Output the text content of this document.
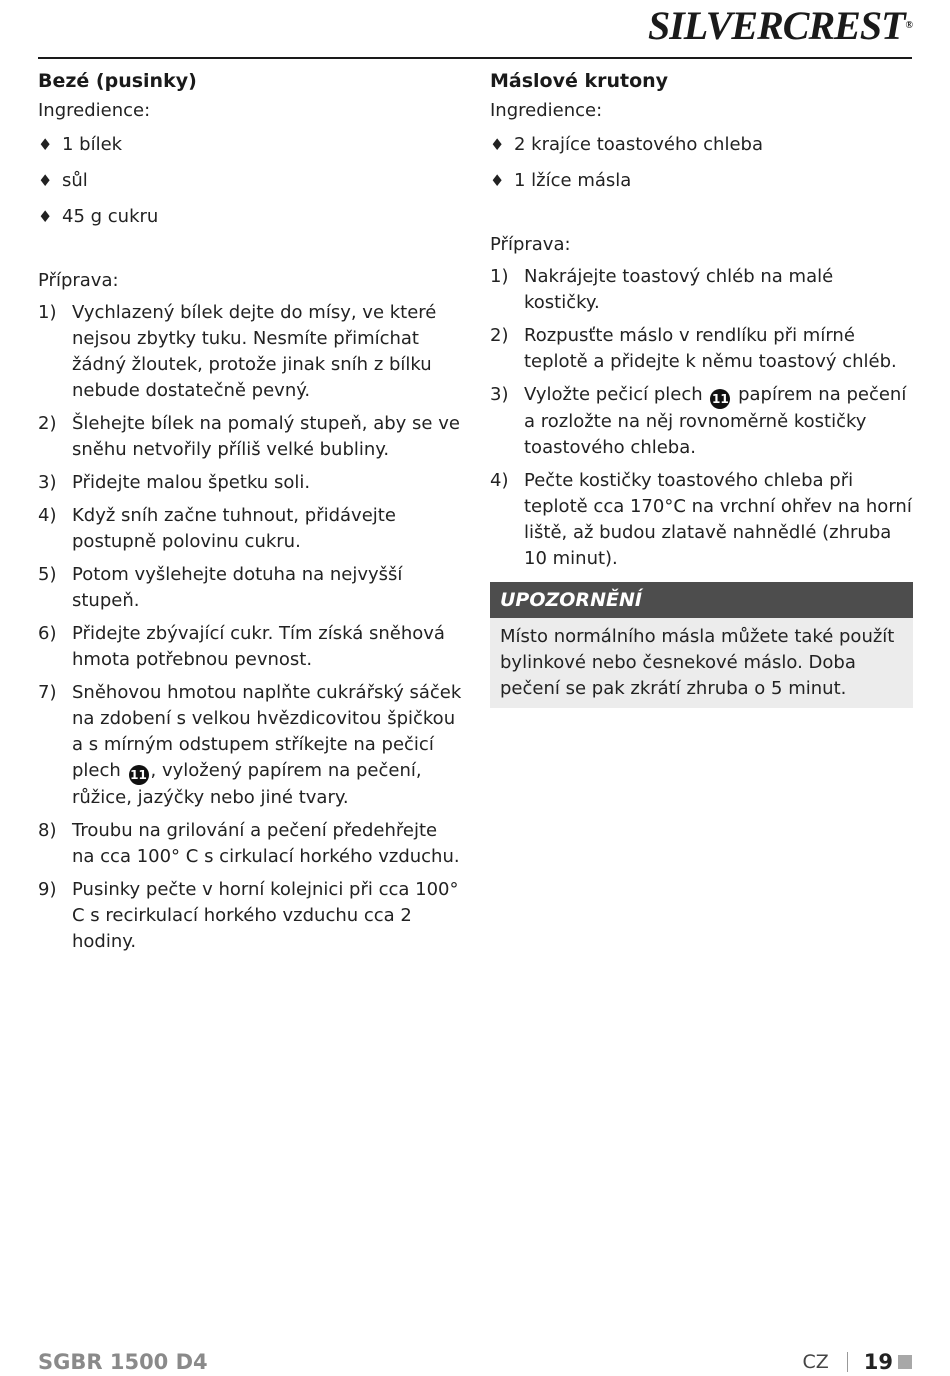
SILVERCREST®
Bezé (pusinky)

Ingredience:

♦ 1 bílek
♦ sůl
♦ 45 g cukru

Příprava:

1) Vychlazený bílek dejte do mísy, ve které nejsou zbytky tuku. Nesmíte přimíchat žádný žloutek, protože jinak sníh z bílku nebude dostatečně pevný.
2) Šlehejte bílek na pomalý stupeň, aby se ve sněhu netvořily příliš velké bubliny.
3) Přidejte malou špetku soli.
4) Když sníh začne tuhnout, přidávejte postupně polovinu cukru.
5) Potom vyšlehejte dotuha na nejvyšší stupeň.
6) Přidejte zbývající cukr. Tím získá sněhová hmota potřebnou pevnost.
7) Sněhovou hmotou naplňte cukrářský sáček na zdobení s velkou hvězdicovitou špičkou a s mírným odstupem stříkejte na pečicí plech 11 , vyložený papírem na pečení, růžice, jazýčky nebo jiné tvary.
8) Troubu na grilování a pečení předehřejte na cca 100° C s cirkulací horkého vzduchu.
9) Pusinky pečte v horní kolejnici při cca 100° C s recirkulací horkého vzduchu cca 2 hodiny.
Máslové krutony

Ingredience:

♦ 2 krajíce toastového chleba
♦ 1 lžíce másla

Příprava:

1) Nakrájejte toastový chléb na malé kostičky.
2) Rozpusťte máslo v rendlíku při mírné teplotě a přidejte k němu toastový chléb.
3) Vyložte pečicí plech 11 papírem na pečení a rozložte na něj rovnoměrně kostičky toastového chleba.
4) Pečte kostičky toastového chleba při teplotě cca 170°C na vrchní ohřev na horní liště, až budou zlatavě nahnědlé (zhruba 10 minut).
UPOZORNĚNÍ
Místo normálního másla můžete také použít bylinkové nebo česnekové máslo. Doba pečení se pak zkrátí zhruba o 5 minut.
SGBR 1500 D4	CZ 19
